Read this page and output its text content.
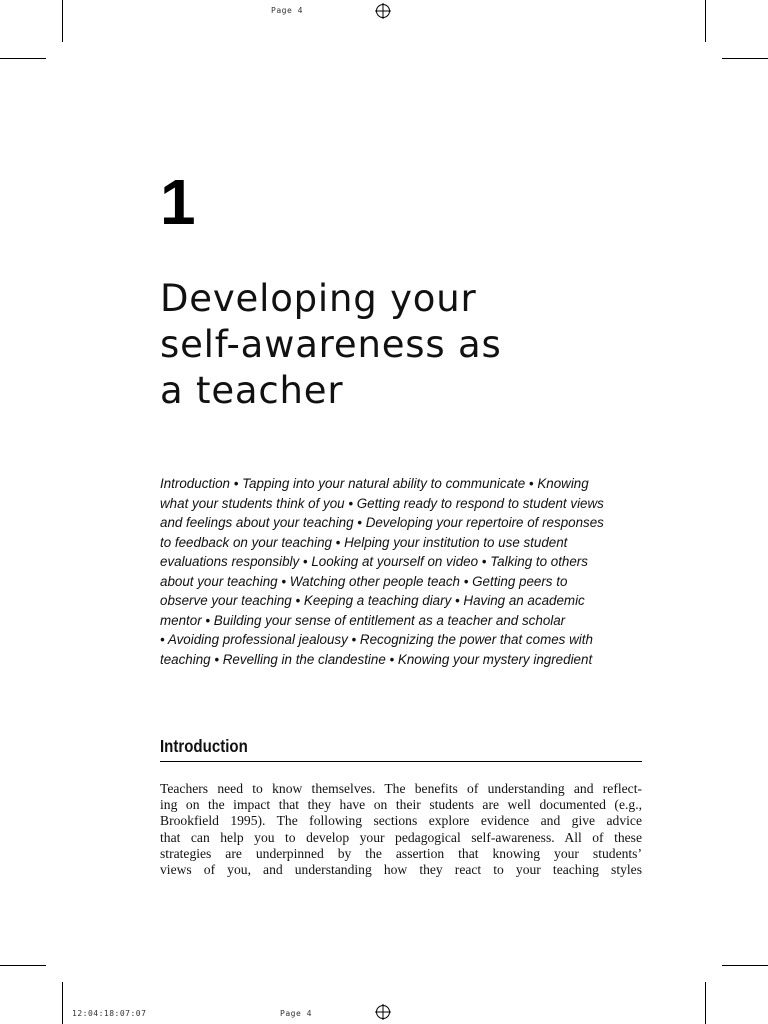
Page 4
1
Developing your
self-awareness as
a teacher
Introduction • Tapping into your natural ability to communicate • Knowing
what your students think of you • Getting ready to respond to student views
and feelings about your teaching • Developing your repertoire of responses
to feedback on your teaching • Helping your institution to use student
evaluations responsibly • Looking at yourself on video • Talking to others
about your teaching • Watching other people teach • Getting peers to
observe your teaching • Keeping a teaching diary • Having an academic
mentor • Building your sense of entitlement as a teacher and scholar
• Avoiding professional jealousy • Recognizing the power that comes with
teaching • Revelling in the clandestine • Knowing your mystery ingredient
Introduction
Teachers need to know themselves. The benefits of understanding and reflect-
ing on the impact that they have on their students are well documented (e.g.,
Brookfield 1995). The following sections explore evidence and give advice
that can help you to develop your pedagogical self-awareness. All of these
strategies are underpinned by the assertion that knowing your students’
views of you, and understanding how they react to your teaching styles
12:04:18:07:07	Page 4
